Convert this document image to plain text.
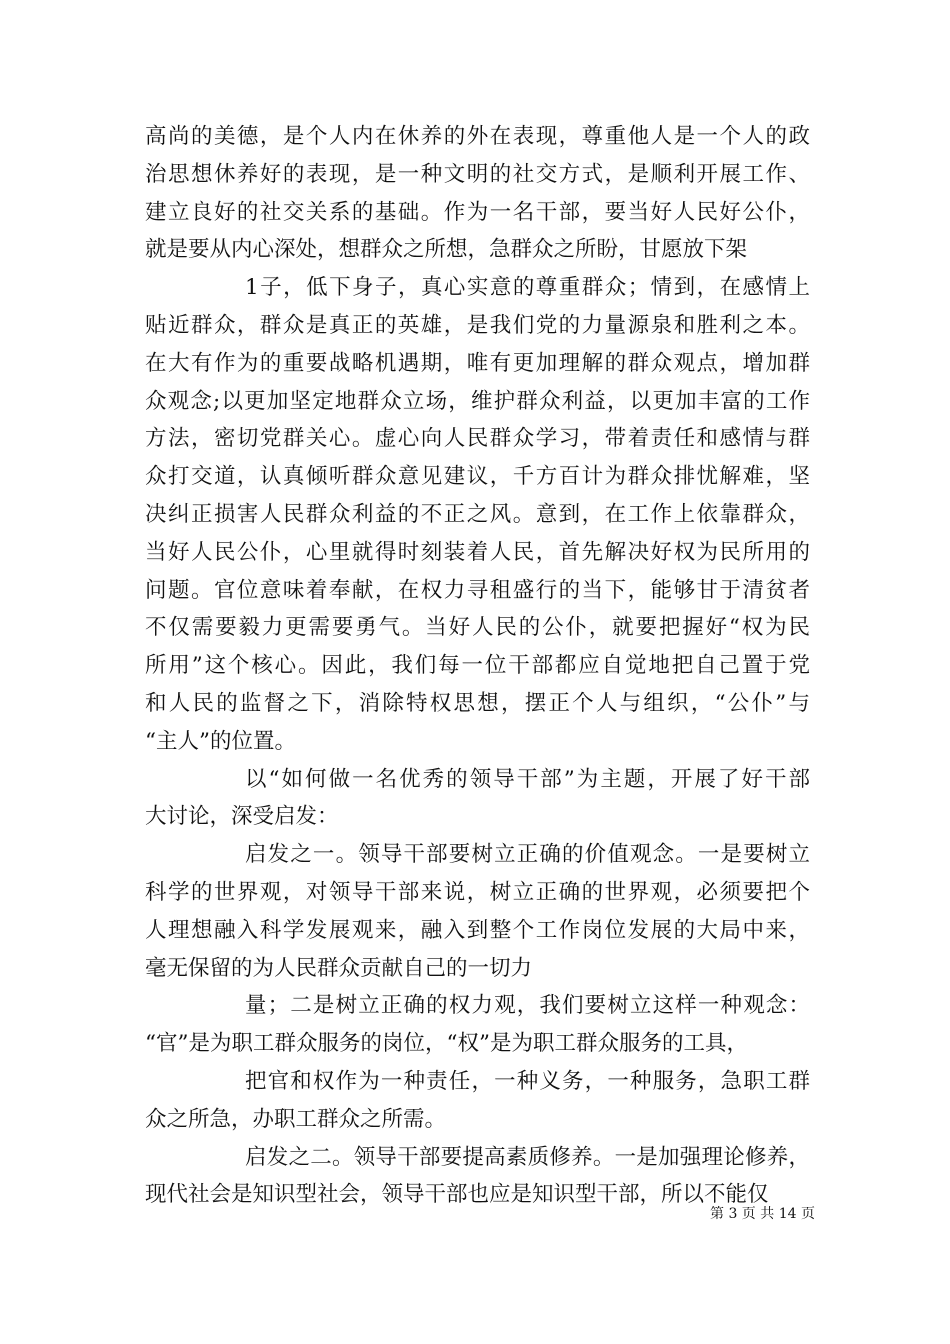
高尚的美德，是个人内在休养的外在表现，尊重他人是一个人的政
治思想休养好的表现，是一种文明的社交方式，是顺利开展工作、
建立良好的社交关系的基础。作为一名干部，要当好人民好公仆，
就是要从内心深处，想群众之所想，急群众之所盼，甘愿放下架
1子，低下身子，真心实意的尊重群众；情到，在感情上
贴近群众，群众是真正的英雄，是我们党的力量源泉和胜利之本。
在大有作为的重要战略机遇期，唯有更加理解的群众观点，增加群
众观念;以更加坚定地群众立场，维护群众利益，以更加丰富的工作
方法，密切党群关心。虚心向人民群众学习，带着责任和感情与群
众打交道，认真倾听群众意见建议，千方百计为群众排忧解难，坚
决纠正损害人民群众利益的不正之风。意到，在工作上依靠群众，
当好人民公仆，心里就得时刻装着人民，首先解决好权为民所用的
问题。官位意味着奉献，在权力寻租盛行的当下，能够甘于清贫者
不仅需要毅力更需要勇气。当好人民的公仆，就要把握好“权为民
所用”这个核心。因此，我们每一位干部都应自觉地把自己置于党
和人民的监督之下，消除特权思想，摆正个人与组织，“公仆”与
“主人”的位置。
以“如何做一名优秀的领导干部”为主题，开展了好干部
大讨论，深受启发：
启发之一。领导干部要树立正确的价值观念。一是要树立
科学的世界观，对领导干部来说，树立正确的世界观，必须要把个
人理想融入科学发展观来，融入到整个工作岗位发展的大局中来，
毫无保留的为人民群众贡献自己的一切力
量；二是树立正确的权力观，我们要树立这样一种观念：
“官”是为职工群众服务的岗位，“权”是为职工群众服务的工具，
把官和权作为一种责任，一种义务，一种服务，急职工群
众之所急，办职工群众之所需。
启发之二。领导干部要提高素质修养。一是加强理论修养，
现代社会是知识型社会，领导干部也应是知识型干部，所以不能仅
第 3 页 共 14 页
